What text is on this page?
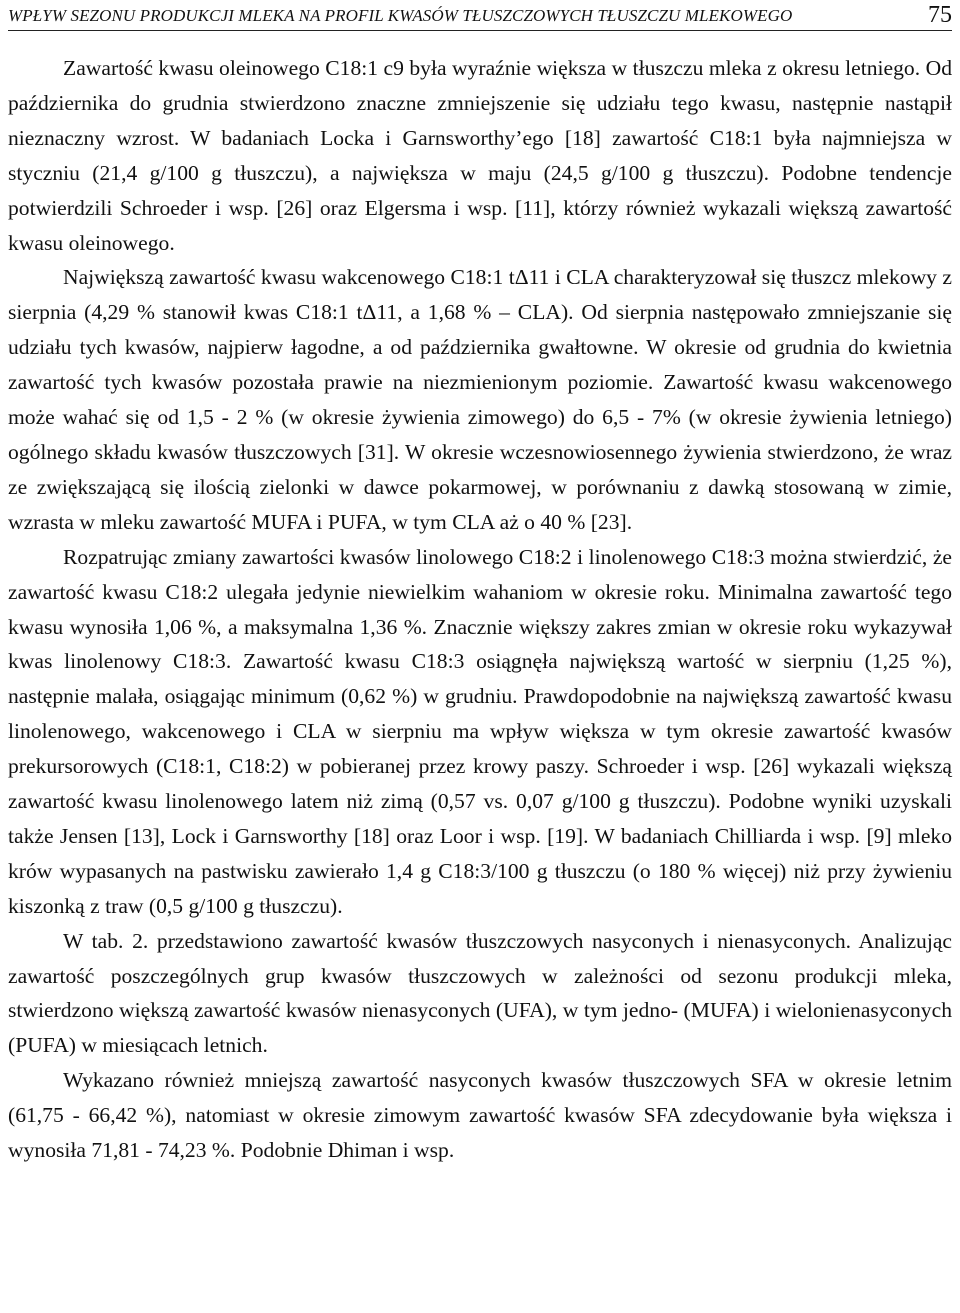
WPŁYW SEZONU PRODUKCJI MLEKA NA PROFIL KWASÓW TŁUSZCZOWYCH TŁUSZCZU MLEKOWEGO	75

Zawartość kwasu oleinowego C18:1 c9 była wyraźnie większa w tłuszczu mleka z okresu letniego. Od października do grudnia stwierdzono znaczne zmniejszenie się udziału tego kwasu, następnie nastąpił nieznaczny wzrost. W badaniach Locka i Garnsworthy’ego [18] zawartość C18:1 była najmniejsza w styczniu (21,4 g/100 g tłuszczu), a największa w maju (24,5 g/100 g tłuszczu). Podobne tendencje potwierdzili Schroeder i wsp. [26] oraz Elgersma i wsp. [11], którzy również wykazali większą zawartość kwasu oleinowego.

Największą zawartość kwasu wakcenowego C18:1 tΔ11 i CLA charakteryzował się tłuszcz mlekowy z sierpnia (4,29 % stanowił kwas C18:1 tΔ11, a 1,68 % – CLA). Od sierpnia następowało zmniejszanie się udziału tych kwasów, najpierw łagodne, a od października gwałtowne. W okresie od grudnia do kwietnia zawartość tych kwasów pozostała prawie na niezmienionym poziomie. Zawartość kwasu wakcenowego może wahać się od 1,5 - 2 % (w okresie żywienia zimowego) do 6,5 - 7% (w okresie żywienia letniego) ogólnego składu kwasów tłuszczowych [31]. W okresie wczesnowiosennego żywienia stwierdzono, że wraz ze zwiększającą się ilością zielonki w dawce pokarmowej, w porównaniu z dawką stosowaną w zimie, wzrasta w mleku zawartość MUFA i PUFA, w tym CLA aż o 40 % [23].

Rozpatrując zmiany zawartości kwasów linolowego C18:2 i linolenowego C18:3 można stwierdzić, że zawartość kwasu C18:2 ulegała jedynie niewielkim wahaniom w okresie roku. Minimalna zawartość tego kwasu wynosiła 1,06 %, a maksymalna 1,36 %. Znacznie większy zakres zmian w okresie roku wykazywał kwas linolenowy C18:3. Zawartość kwasu C18:3 osiągnęła największą wartość w sierpniu (1,25 %), następnie malała, osiągając minimum (0,62 %) w grudniu. Prawdopodobnie na największą zawartość kwasu linolenowego, wakcenowego i CLA w sierpniu ma wpływ większa w tym okresie zawartość kwasów prekursorowych (C18:1, C18:2) w pobieranej przez krowy paszy. Schroeder i wsp. [26] wykazali większą zawartość kwasu linolenowego latem niż zimą (0,57 vs. 0,07 g/100 g tłuszczu). Podobne wyniki uzyskali także Jensen [13], Lock i Garnsworthy [18] oraz Loor i wsp. [19]. W badaniach Chilliarda i wsp. [9] mleko krów wypasanych na pastwisku zawierało 1,4 g C18:3/100 g tłuszczu (o 180 % więcej) niż przy żywieniu kiszonką z traw (0,5 g/100 g tłuszczu).

W tab. 2. przedstawiono zawartość kwasów tłuszczowych nasyconych i nienasyconych. Analizując zawartość poszczególnych grup kwasów tłuszczowych w zależności od sezonu produkcji mleka, stwierdzono większą zawartość kwasów nienasyconych (UFA), w tym jedno- (MUFA) i wielonienasyconych (PUFA) w miesiącach letnich.

Wykazano również mniejszą zawartość nasyconych kwasów tłuszczowych SFA w okresie letnim (61,75 - 66,42 %), natomiast w okresie zimowym zawartość kwasów SFA zdecydowanie była większa i wynosiła 71,81 - 74,23 %. Podobnie Dhiman i wsp.
